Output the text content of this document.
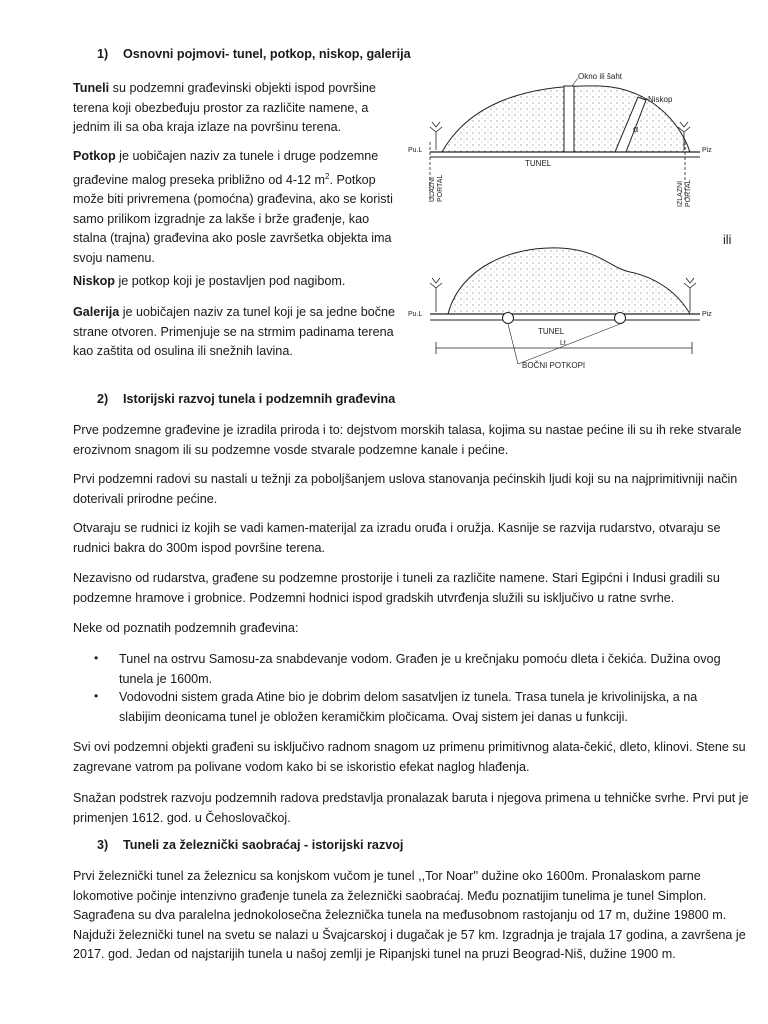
1) Osnovni pojmovi- tunel, potkop, niskop, galerija
Tuneli su podzemni građevinski objekti ispod površine terena koji obezbeđuju prostor za različite namene, a jednim ili sa oba kraja izlaze na površinu terena.
Potkop je uobičajen naziv za tunele i druge podzemne građevine malog preseka približno od 4-12 $m^2$. Potkop može biti privremena (pomoćna) građevina, ako se koristi samo prilikom izgradnje za lakše i brže građenje, kao stalna (trajna) građevina ako posle završetka objekta ima svoju namenu.
Niskop je potkop koji je postavljen pod nagibom.
Galerija je uobičajen naziv za tunel koji je sa jedne bočne strane otvoren. Primenjuje se na strmim padinama terena kao zaštita od osulina ili snežnih lavina.
ili
Okno ili šaht
Niskop
α
Pu.L	Piz
TUNEL
ULAZNI PORTAL	IZLAZNI PORTAL
Pu.L	Piz
TUNEL
Lt
BOČNI POTKOPI
2) Istorijski razvoj tunela i podzemnih građevina
Prve podzemne građevine je izradila priroda i to: dejstvom morskih talasa, kojima su nastae pećine ili su ih reke stvarale erozivnom snagom ili su podzemne vosde stvarale podzemne kanale i pećine.
Prvi podzemni radovi su nastali u težnji za poboljšanjem uslova stanovanja pećinskih ljudi koji su na najprimitivniji način doterivali prirodne pećine.
Otvaraju se rudnici iz kojih se vadi kamen-materijal za izradu oruđa i oružja. Kasnije se razvija rudarstvo, otvaraju se rudnici bakra do 300m ispod površine terena.
Nezavisno od rudarstva, građene su podzemne prostorije i tuneli za različite namene. Stari Egipćni i Indusi gradili su podzemne hramove i grobnice. Podzemni hodnici ispod gradskih utvrđenja služili su isključivo u ratne svrhe.
Neke od poznatih podzemnih građevina:
• Tunel na ostrvu Samosu-za snabdevanje vodom. Građen je u krečnjaku pomoću dleta i čekića. Dužina ovog tunela je 1600m.
• Vodovodni sistem grada Atine bio je dobrim delom sasatvljen iz tunela. Trasa tunela je krivolinijska, a na slabijim deonicama tunel je obložen keramičkim pločicama. Ovaj sistem jei danas u funkciji.
Svi ovi podzemni objekti građeni su isključivo radnom snagom uz primenu primitivnog alata-čekić, dleto, klinovi. Stene su zagrevane vatrom pa polivane vodom kako bi se iskoristio efekat naglog hlađenja.
Snažan podstrek razvoju podzemnih radova predstavlja pronalazak baruta i njegova primena u tehničke svrhe. Prvi put je primenjen 1612. god. u Čehoslovačkoj.
3) Tuneli za železnički saobraćaj - istorijski razvoj
Prvi železnički tunel za železnicu sa konjskom vučom je tunel ,,Tor Noar'' dužine oko 1600m. Pronalaskom parne lokomotive počinje intenzivno građenje tunela za železnički saobraćaj. Među poznatijim tunelima je tunel Simplon. Sagrađena su dva paralelna jednokolosečna železnička tunela na međusobnom rastojanju od 17 m, dužine 19800 m. Najduži železnički tunel na svetu se nalazi u Švajcarskoj i dugačak je 57 km. Izgradnja je trajala 17 godina, a završena je 2017. god. Jedan od najstarijih tunela u našoj zemlji je Ripanjski tunel na pruzi Beograd-Niš, dužine 1900 m.
